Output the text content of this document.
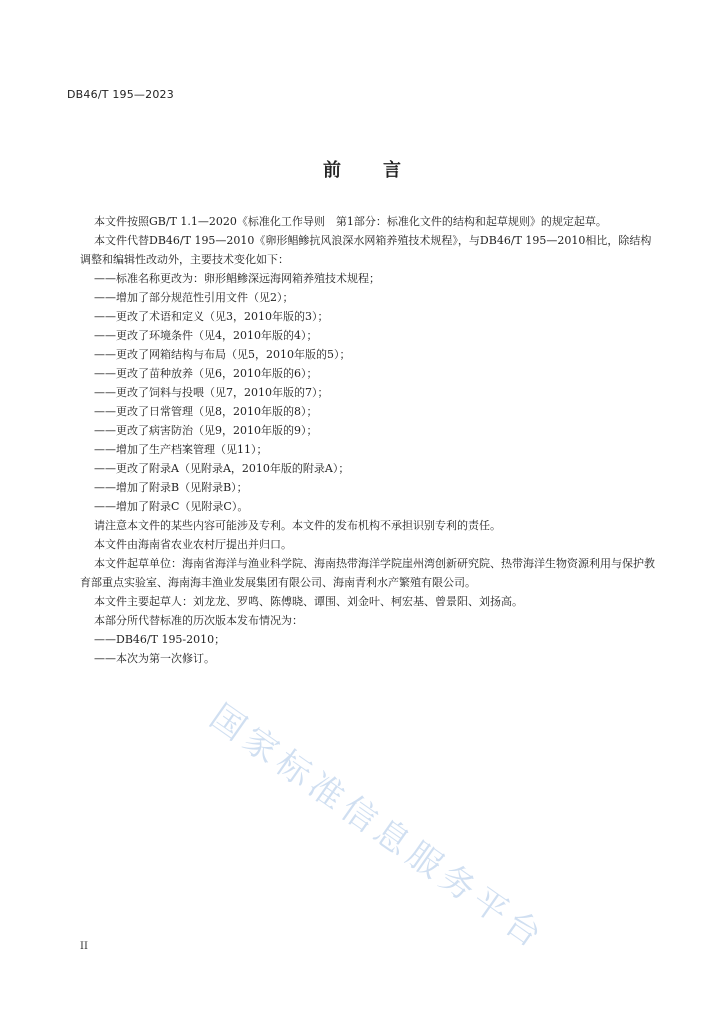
DB46/T 195—2023
前 言

本文件按照GB/T 1.1—2020《标准化工作导则　第1部分：标准化文件的结构和起草规则》的规定起草。

本文件代替DB46/T 195—2010《卵形鲳鲹抗风浪深水网箱养殖技术规程》，与DB46/T 195—2010相比，除结构调整和编辑性改动外，主要技术变化如下：

——标准名称更改为：卵形鲳鲹深远海网箱养殖技术规程；

——增加了部分规范性引用文件（见2）；

——更改了术语和定义（见3，2010年版的3）；

——更改了环境条件（见4，2010年版的4）；

——更改了网箱结构与布局（见5，2010年版的5）；

——更改了苗种放养（见6，2010年版的6）；

——更改了饲料与投喂（见7，2010年版的7）；

——更改了日常管理（见8，2010年版的8）；

——更改了病害防治（见9，2010年版的9）；

——增加了生产档案管理（见11）；

——更改了附录A（见附录A，2010年版的附录A）；

——增加了附录B（见附录B）；

——增加了附录C（见附录C）。

请注意本文件的某些内容可能涉及专利。本文件的发布机构不承担识别专利的责任。

本文件由海南省农业农村厅提出并归口。

本文件起草单位：海南省海洋与渔业科学院、海南热带海洋学院崖州湾创新研究院、热带海洋生物资源利用与保护教育部重点实验室、海南海丰渔业发展集团有限公司、海南青利水产繁殖有限公司。

本文件主要起草人：刘龙龙、罗鸣、陈傅晓、谭围、刘金叶、柯宏基、曾景阳、刘扬高。

本部分所代替标准的历次版本发布情况为：

——DB46/T 195-2010；

——本次为第一次修订。

国家标准信息服务平台
II
